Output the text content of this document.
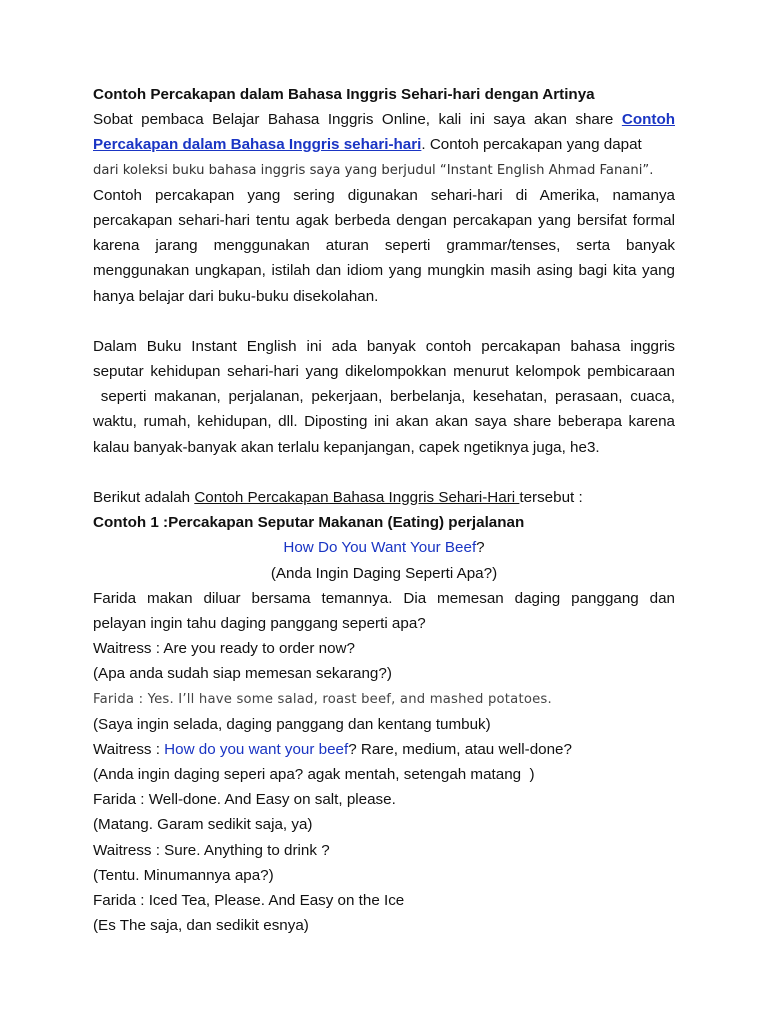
Contoh Percakapan dalam Bahasa Inggris Sehari-hari dengan Artinya
Sobat pembaca Belajar Bahasa Inggris Online, kali ini saya akan share Contoh
Percakapan dalam Bahasa Inggris sehari-hari. Contoh percakapan yang dapat
dari koleksi buku bahasa inggris saya yang berjudul “Instant English Ahmad Fanani”.
Contoh percakapan yang sering digunakan sehari-hari di Amerika, namanya
percakapan sehari-hari tentu agak berbeda dengan percakapan yang bersifat formal
karena jarang menggunakan aturan seperti grammar/tenses, serta banyak
menggunakan ungkapan, istilah dan idiom yang mungkin masih asing bagi kita yang
hanya belajar dari buku-buku disekolahan.
Dalam Buku Instant English ini ada banyak contoh percakapan bahasa inggris
seputar kehidupan sehari-hari yang dikelompokkan menurut kelompok pembicaraan
seperti makanan, perjalanan, pekerjaan, berbelanja, kesehatan, perasaan, cuaca,
waktu, rumah, kehidupan, dll. Diposting ini akan akan saya share beberapa karena
kalau banyak-banyak akan terlalu kepanjangan, capek ngetiknya juga, he3.
Berikut adalah Contoh Percakapan Bahasa Inggris Sehari-Hari tersebut :
Contoh 1 :Percakapan Seputar Makanan (Eating) perjalanan
How Do You Want Your Beef?
(Anda Ingin Daging Seperti Apa?)
Farida makan diluar bersama temannya. Dia memesan daging panggang dan
pelayan ingin tahu daging panggang seperti apa?
Waitress : Are you ready to order now?
(Apa anda sudah siap memesan sekarang?)
Farida : Yes. I’ll have some salad, roast beef, and mashed potatoes.
(Saya ingin selada, daging panggang dan kentang tumbuk)
Waitress : How do you want your beef? Rare, medium, atau well-done?
(Anda ingin daging seperi apa? agak mentah, setengah matang  )
Farida : Well-done. And Easy on salt, please.
(Matang. Garam sedikit saja, ya)
Waitress : Sure. Anything to drink ?
(Tentu. Minumannya apa?)
Farida : Iced Tea, Please. And Easy on the Ice
(Es The saja, dan sedikit esnya)
